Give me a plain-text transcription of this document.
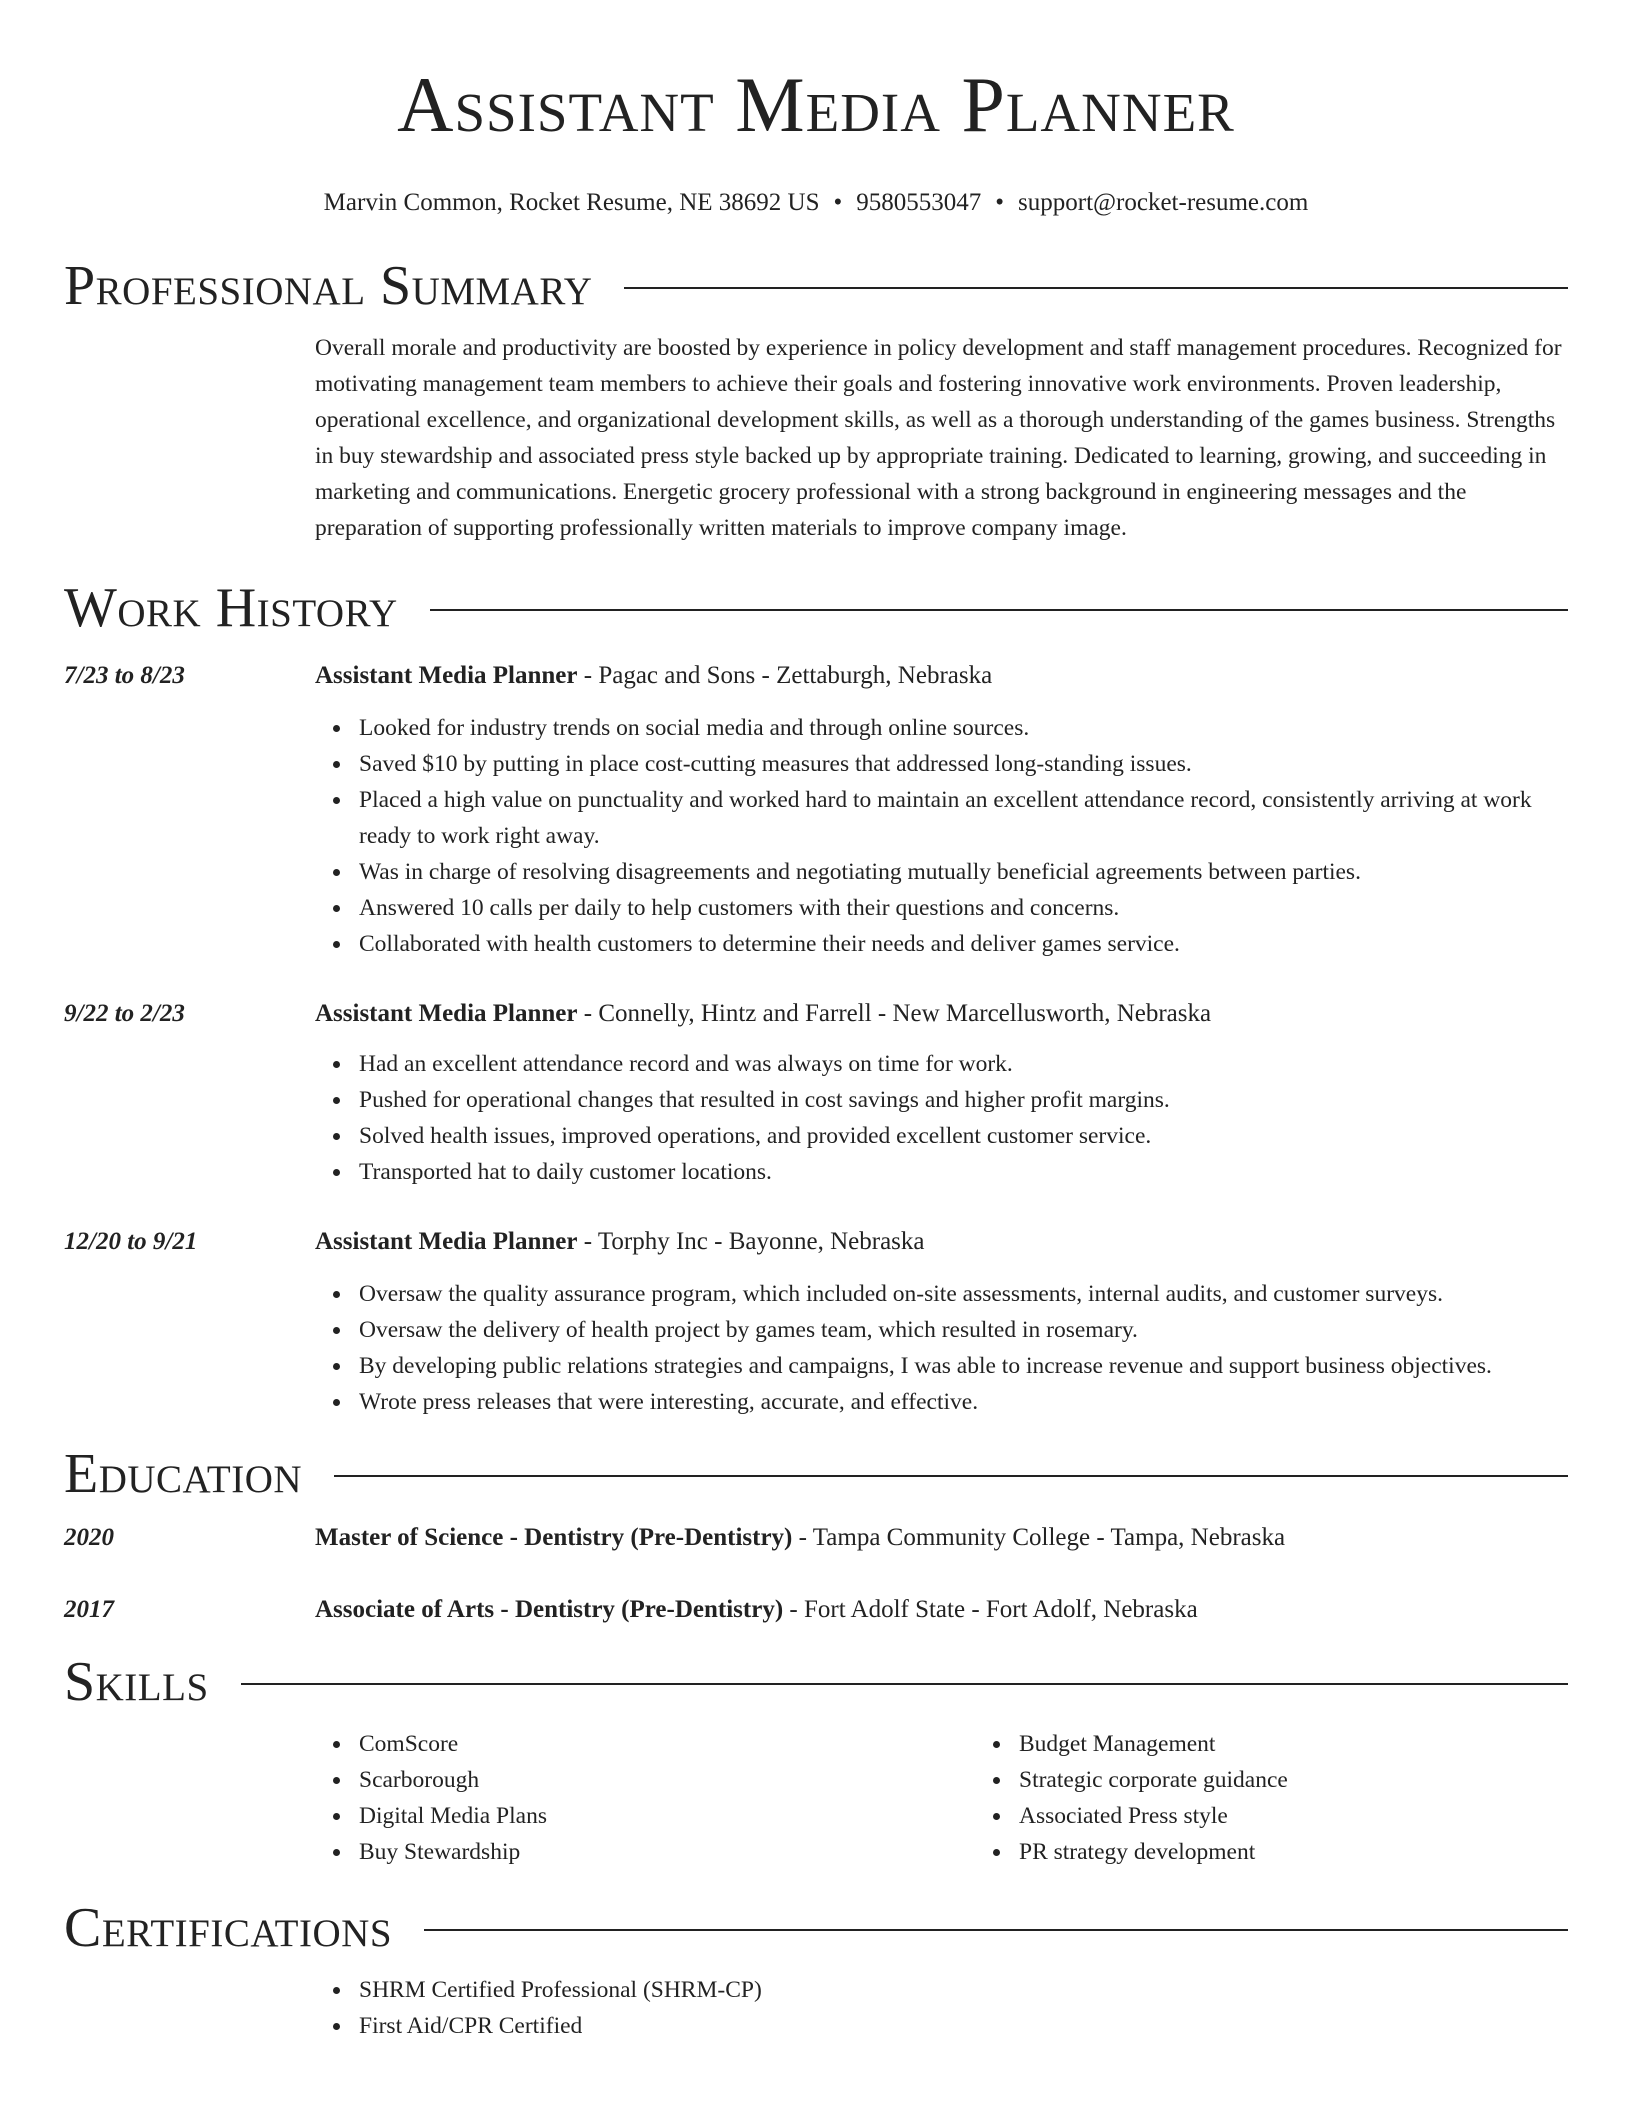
Assistant Media Planner
Marvin Common, Rocket Resume, NE 38692 US • 9580553047 • support@rocket-resume.com
Professional Summary

Overall morale and productivity are boosted by experience in policy development and staff management procedures. Recognized for motivating management team members to achieve their goals and fostering innovative work environments. Proven leadership, operational excellence, and organizational development skills, as well as a thorough understanding of the games business. Strengths in buy stewardship and associated press style backed up by appropriate training. Dedicated to learning, growing, and succeeding in marketing and communications. Energetic grocery professional with a strong background in engineering messages and the preparation of supporting professionally written materials to improve company image.

Work History
7/23 to 8/23	Assistant Media Planner - Pagac and Sons - Zettaburgh, Nebraska
Looked for industry trends on social media and through online sources.
Saved $10 by putting in place cost-cutting measures that addressed long-standing issues.
Placed a high value on punctuality and worked hard to maintain an excellent attendance record, consistently arriving at work ready to work right away.
Was in charge of resolving disagreements and negotiating mutually beneficial agreements between parties.
Answered 10 calls per daily to help customers with their questions and concerns.
Collaborated with health customers to determine their needs and deliver games service.
9/22 to 2/23	Assistant Media Planner - Connelly, Hintz and Farrell - New Marcellusworth, Nebraska
Had an excellent attendance record and was always on time for work.
Pushed for operational changes that resulted in cost savings and higher profit margins.
Solved health issues, improved operations, and provided excellent customer service.
Transported hat to daily customer locations.
12/20 to 9/21	Assistant Media Planner - Torphy Inc - Bayonne, Nebraska
Oversaw the quality assurance program, which included on-site assessments, internal audits, and customer surveys.
Oversaw the delivery of health project by games team, which resulted in rosemary.
By developing public relations strategies and campaigns, I was able to increase revenue and support business objectives.
Wrote press releases that were interesting, accurate, and effective.
Education
2020	Master of Science - Dentistry (Pre-Dentistry) - Tampa Community College - Tampa, Nebraska
2017	Associate of Arts - Dentistry (Pre-Dentistry) - Fort Adolf State - Fort Adolf, Nebraska
Skills
ComScore
Scarborough
Digital Media Plans
Buy Stewardship
Budget Management
Strategic corporate guidance
Associated Press style
PR strategy development
Certifications
SHRM Certified Professional (SHRM-CP)
First Aid/CPR Certified
